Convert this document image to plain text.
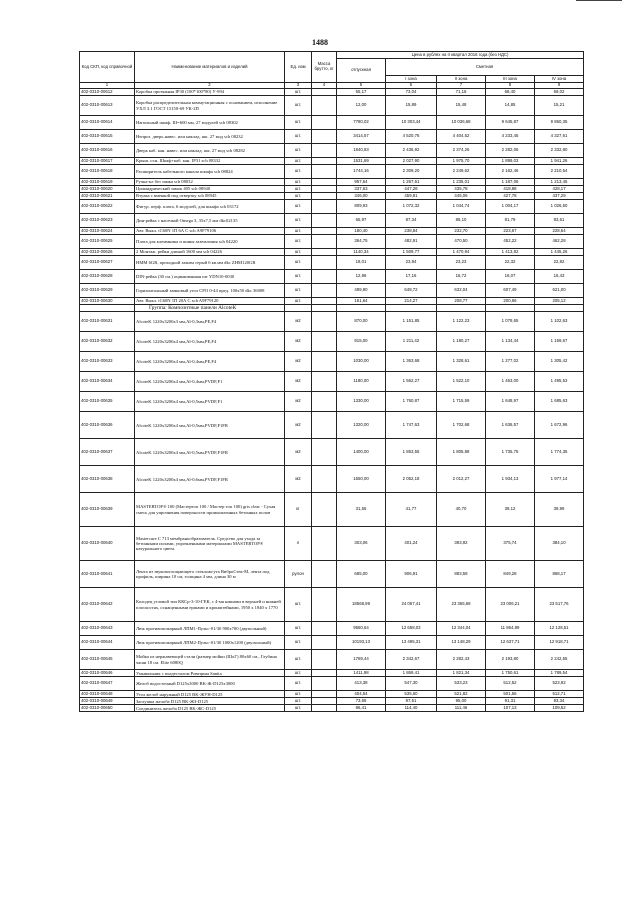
1488
Код СКП, код справочной	Наименование материалов и изделий	Ед. изм	Масса брутто, кг	Цена в рублях на II квартал 2016 года (без НДС)				
				отпускная	Сметная			
					I зона	II зона	III зона	IV зона
1	2	3	4	5	6	7	8	9
402-0310-00612	Коробка протяжная IP30 (100*100*80) У-994	шт.		55,17	73,04	71,16	68,40	69,02
402-0310-00613	Коробка распределительная коммутационная с основанием, исполнение УХЛ 3.1 ГОСТ 15150-69 УК-2П	шт.		12,00	15,89	15,48	14,85	15,21
402-0310-00614	Напольный шкаф, Ш=600 мм, 27 модулей sch 08302	шт.		7780,02	10 303,44	10 036,68	9 645,87	9 860,35
402-0310-00615	Непроз. дверь навес. или наклад. шк. 27 мод sch 08232	шт.		3414,57	4 520,76	4 404,52	4 233,45	4 327,61
402-0310-00616	Дверь каб. кан. навес. или наклад. шк. 27 мод sch 08282	шт.		1840,83	2 436,92	2 374,26	2 282,06	2 332,80
402-0310-00617	Крыш. осн. Шкаф+каб. кан. IP31 sch 08332	шт.		1531,69	2 027,90	1 975,70	1 899,03	1 941,26
402-0310-00618	Расширитель кабельного канала шкафа sch 08824	шт.		1744,16	2 309,20	2 249,62	2 162,46	2 210,54
402-0310-00619	Ручка-кл без замка sch 08032	шт.		957,64	1 267,61	1 235,01	1 187,06	1 213,45
402-0310-00620	Цилиндрический замок 405 sch 08940	шт.		337,63	447,28	435,78	418,88	428,17
402-0310-00621	Втулка с вменкой под отвертку sch 08945	шт.		346,00	459,81	445,06	427,78	437,29
402-0310-00622	Фигур. перф. плата, 6 модулей, для шкафа sch 03172	шт.		809,93	1 072,32	1 044,74	1 004,17	1 026,50
402-0310-00623	Дин-рейка с насечкой Omega 3, 35х7,5 мм dkc02135	шт.		65,97	87,34	85,10	81,79	83,61
402-0310-00624	Авт. Выкл. iC60N 1П 6А С sch A9F79106	шт.		180,40	238,84	232,70	223,67	228,64
402-0310-00625	Плата для клеммника и шины заземления sch 04220	шт.		364,75	482,91	470,50	452,22	462,28
402-0310-00626	2 Монтаж. рейки длиной 1600 мм sch 04226	шт.		1140,34	1 509,77	1 470,94	1 413,82	1 445,26
402-0310-00627	НММ 6GR, проходной зажим серый 6 кв.мм dkc ZHM120GR	шт.		18,01	23,84	23,23	22,32	22,82
402-0310-00628	DIN-рейка (30 см.) оцинкованная шт YDN10-0030	шт.		12,96	17,16	16,72	16,07	16,43
402-0310-00629	Горизонтальный замковый угол СРО 0-44 пред. 100х50 dkc 36008	шт.		489,90	648,72	632,04	607,49	621,00
402-0310-00630	Авт. Выкл. iC60N 1П 20А С sch A9F79120	шт.		161,64	214,27	208,77	200,66	205,12
	Группа: Композитные панели AlcoteK							
402-0310-00631	AlcoteK 1220х3200х3 мм,Al-0,3мм,PE,F4	м2		870,00	1 151,85	1 122,23	1 078,65	1 102,63
402-0310-00632	AlcoteK 1220х3200х4 мм,Al-0,3мм,PE,F4	м2		915,00	1 211,42	1 180,27	1 134,44	1 159,67
402-0310-00633	AlcoteK 1220х3200х4 мм,Al-0,4мм,PE,F4	м2		1030,00	1 363,68	1 328,61	1 277,02	1 305,42
402-0310-00634	AlcoteK 1220х3200х4 мм,Al-0,4мм,PVDF,F1	м2		1180,00	1 562,27	1 522,10	1 463,00	1 495,53
402-0310-00635	AlcoteK 1220х3200х4 мм,Al-0,5мм,PVDF,F1	м2		1330,00	1 760,87	1 715,59	1 648,97	1 685,63
402-0310-00636	AlcoteK 1220х3200х4 мм,Al-0,5мм,PVDF,F1FR	м2		1320,00	1 747,63	1 702,68	1 636,57	1 672,96
402-0310-00637	AlcoteK 1220х3200х4 мм,Al-0,5мм,PVDF,F1FR	м2		1400,00	1 853,55	1 805,88	1 735,75	1 774,35
402-0310-00638	AlcoteK 1220х3200х4 мм,Al-0,6мм,PVDF,F1FR	м2		1550,00	2 052,18	2 012,27	1 934,13	1 977,14
402-0310-00639	MASTERTOP® 100 (Мастертоп 100 / Мастер топ 100) gris clear - Сухая смесь для упрочнения поверхности промышленных бетонных полов	кг		31,55	41,77	40,70	39,12	39,99
402-0310-00640	Mastercure C 713 мембранообразователь. Средство для ухода за бетонными полами, упрочненными материалами MASTERTOP® натурального цвета.	л		303,06	401,24	393,92	375,74	384,10
402-0310-00641	Лента из звукопоглощающего стекложгута ВиброСтек-М, лента под профиль, ширина 10 см, толщина 4 мм, длина 30 м	рулон		685,00	906,91	883,59	849,28	868,17
402-0310-00642	Колодец угловой тип ККСр-3-10-ГЕК, с 4-мя нишами в верхней и нижней плоскостях, оснащенными ершами и кронштейнами, 1950 х 1840 х 1770	шт.		18568,99	24 067,41	23 365,68	23 006,21	23 517,76
402-0310-00643	Люк противопожарный ЛПМ1-Пульс-01/30 900х700 (двупольный)	шт.		9560,64	12 658,03	12 344,04	11 864,89	12 128,51
402-0310-00644	Люк противопожарный ЛПМ2-Пульс-01/30 1000х1200 (двупольный)	шт.		10193,13	13 495,31	13 148,29	12 637,71	12 918,71
402-0310-00645	Мойка из нержавеющей стали (размер мойки (ШхГ) 80х60 см., Глубина чаши 18 см. Elite 6080Q	шт.		1769,44	2 342,67	2 282,43	2 193,80	2 242,55
402-0310-00646	Умывальник с пьедесталом Ровецина Sanita	шт.		1411,98	1 869,41	1 821,34	1 750,61	1 789,54
402-0310-00647	Желоб водосточный D125х3000 BK-Ж-D125х3000	шт.		413,38	547,30	533,23	512,52	523,92
402-0310-00648	Угол желоб наружный D125 BK-ЖУН-D125	шт.		404,54	535,60	521,82	501,56	512,71
402-0310-00649	Заглушка желоба D125 BK-ЖЗ-D125	шт.		73,65	97,51	95,00	91,31	93,34
402-0310-00650	Соединитель желоба D125 BK-ЖС-D125	шт.		86,41	114,40	111,46	107,13	109,52
